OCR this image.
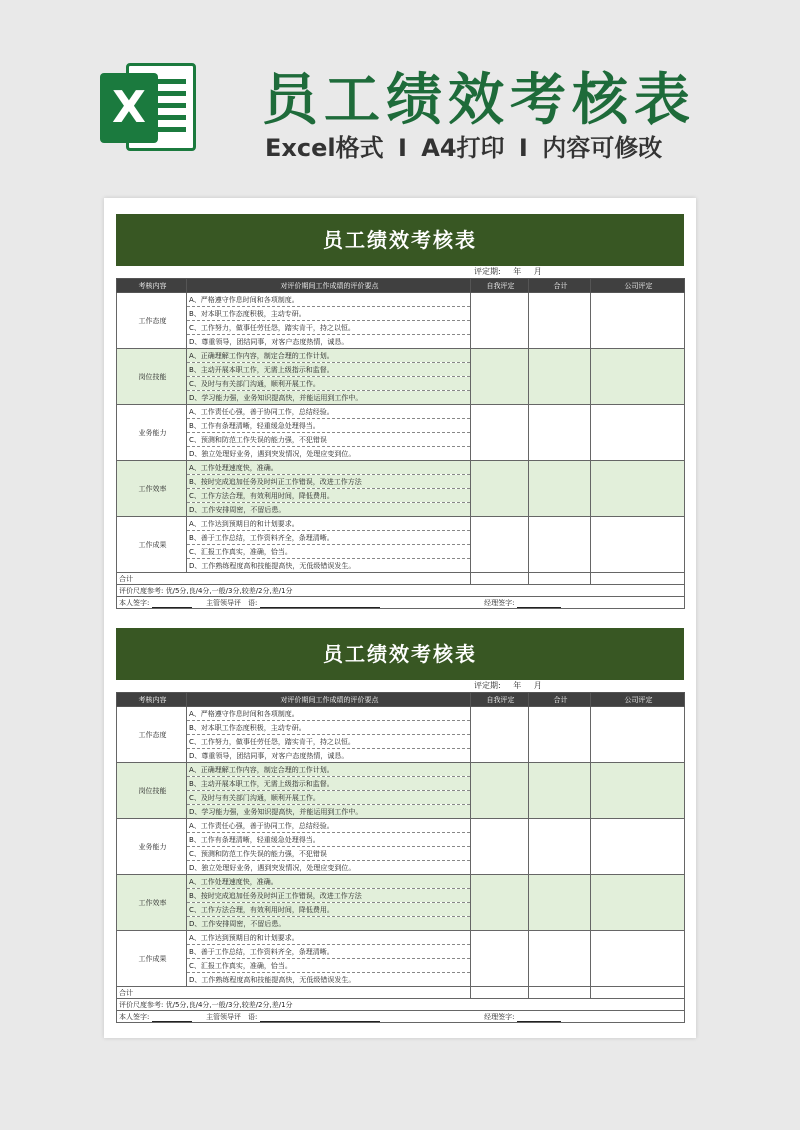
X 员工绩效考核表
Excel格式 I A4打印 I 内容可修改
员工绩效考核表
评定期: 年 月
考核内容	对评价期间工作成绩的评价要点	自我评定	合计	公司评定
工作态度	A、严格遵守作息时间和各项制度。			
	B、对本职工作态度积极，主动专研。			
	C、工作努力，做事任劳任怨，踏实肯干，持之以恒。			
	D、尊重领导，团结同事，对客户态度热情，诚恳。			
岗位技能	A、正确理解工作内容，制定合理的工作计划。			
	B、主动开展本职工作，无需上级指示和监督。			
	C、及时与有关部门沟通，顺利开展工作。			
	D、学习能力强，业务知识提高快，并能运用到工作中。			
业务能力	A、工作责任心强，善于协同工作，总结经验。			
	B、工作有条理清晰，轻重缓急处理得当。			
	C、预测和防范工作失误的能力强，不犯错误			
	D、独立处理好业务，遇到突发情况，处理应变到位。			
工作效率	A、工作处理速度快，准确。			
	B、按时完成追加任务及时纠正工作错误，改进工作方法			
	C、工作方法合理，有效利用时间，降低费用。			
	D、工作安排周密，不留后患。			
工作成果	A、工作达到预期目的和计划要求。			
	B、善于工作总结，工作资料齐全，条理清晰。			
	C、汇报工作真实，准确，恰当。			
	D、工作熟练程度高和技能提高快，无低级错误发生。			
合计				
评价尺度参考: 优/5分,良/4分,一般/3分,较差/2分,差/1分				
本人签字: 主管领导评　语: 经理签字:				
员工绩效考核表
评定期: 年 月
考核内容	对评价期间工作成绩的评价要点	自我评定	合计	公司评定
工作态度	A、严格遵守作息时间和各项制度。			
	B、对本职工作态度积极，主动专研。			
	C、工作努力，做事任劳任怨，踏实肯干，持之以恒。			
	D、尊重领导，团结同事，对客户态度热情，诚恳。			
岗位技能	A、正确理解工作内容，制定合理的工作计划。			
	B、主动开展本职工作，无需上级指示和监督。			
	C、及时与有关部门沟通，顺利开展工作。			
	D、学习能力强，业务知识提高快，并能运用到工作中。			
业务能力	A、工作责任心强，善于协同工作，总结经验。			
	B、工作有条理清晰，轻重缓急处理得当。			
	C、预测和防范工作失误的能力强，不犯错误			
	D、独立处理好业务，遇到突发情况，处理应变到位。			
工作效率	A、工作处理速度快，准确。			
	B、按时完成追加任务及时纠正工作错误，改进工作方法			
	C、工作方法合理，有效利用时间，降低费用。			
	D、工作安排周密，不留后患。			
工作成果	A、工作达到预期目的和计划要求。			
	B、善于工作总结，工作资料齐全，条理清晰。			
	C、汇报工作真实，准确，恰当。			
	D、工作熟练程度高和技能提高快，无低级错误发生。			
合计				
评价尺度参考: 优/5分,良/4分,一般/3分,较差/2分,差/1分				
本人签字: 主管领导评　语: 经理签字:				
